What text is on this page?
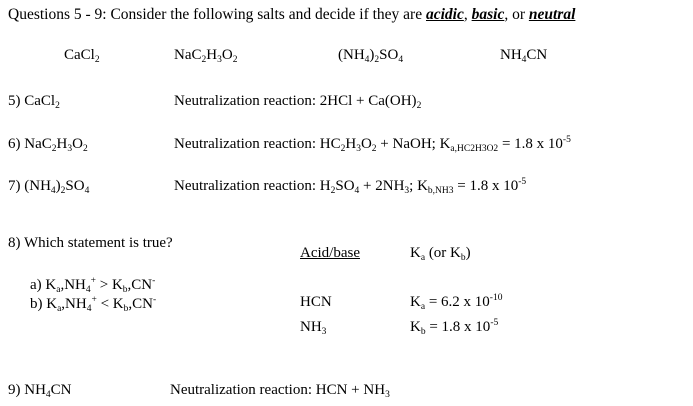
Questions 5 - 9: Consider the following salts and decide if they are acidic, basic, or neutral
CaCl$_2$	$NaC_2H_3O_2$	$(NH_4)_2SO_4$	$NH_4CN$
5) CaCl$_2$	Neutralization reaction: $2HCl + Ca(OH)_2$
6) $NaC_2H_3O_2$	Neutralization reaction: $HC_2H_3O_2$ + NaOH; $K_{a,HC2H3O2} = 1.8$ x $10^{-5}$
7) $(NH_4)_2SO_4$	Neutralization reaction: $H_2SO_4 + 2NH_3$; $K_{b,NH3} = 1.8$ x $10^{-5}$
8) Which statement is true?
a) $K_a,NH_4^+ > K_b,CN^-$
b) $K_a,NH_4^+ < K_b,CN^-$
Acid/base	$K_a$ (or $K_b$)
HCN	$K_a = 6.2$ x $10^{-10}$
$NH_3$	$K_b = 1.8$ x $10^{-5}$
9) $NH_4CN$	Neutralization reaction: HCN + $NH_3$
